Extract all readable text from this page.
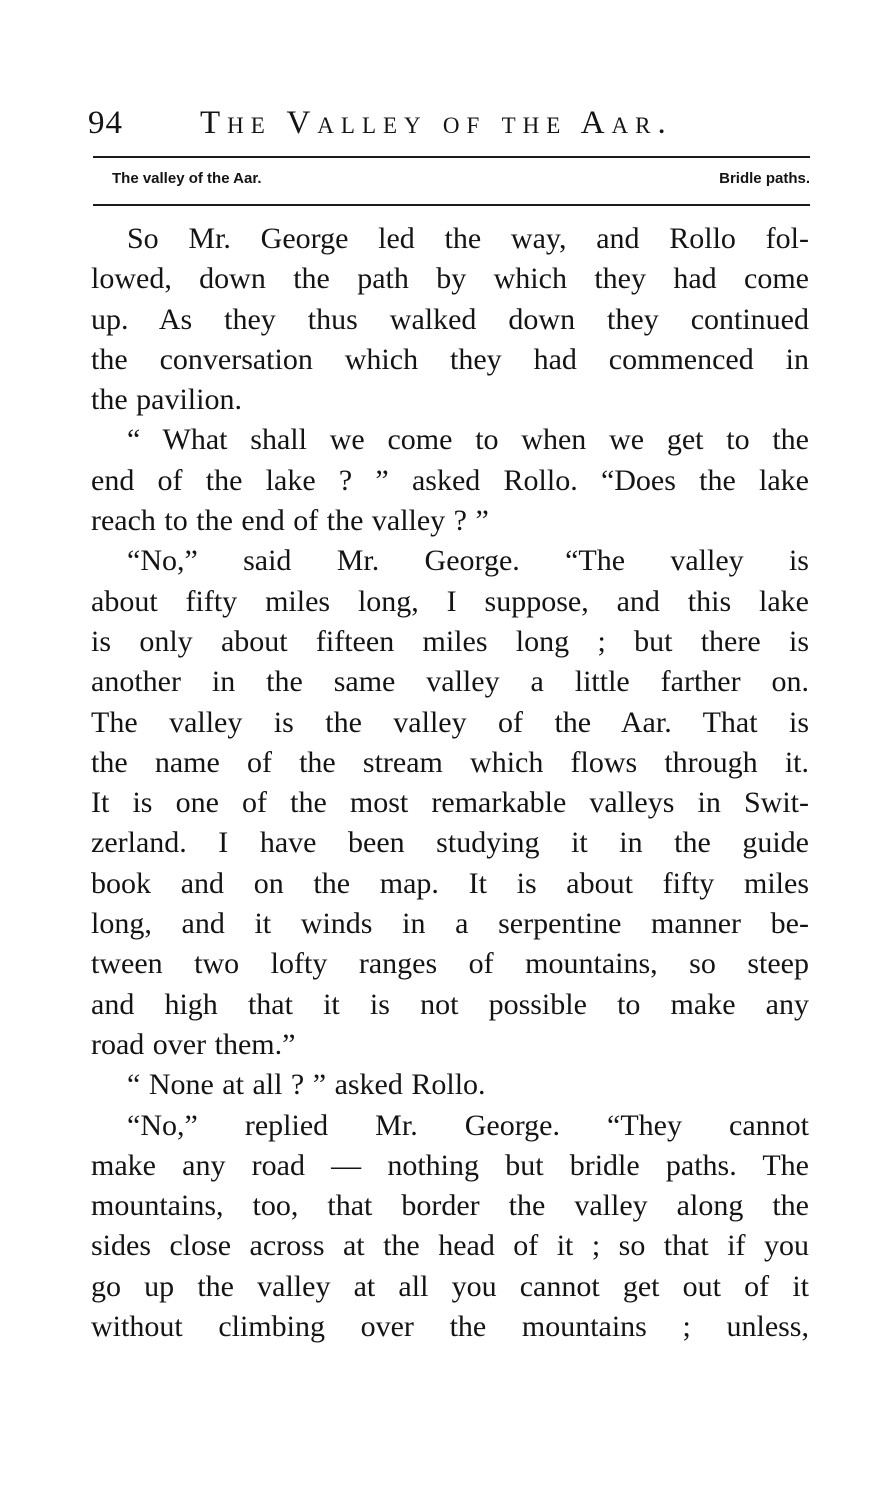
94 The Valley of the Aar.
The valley of the Aar.	Bridle paths.
So Mr. George led the way, and Rollo fol-
lowed, down the path by which they had come
up. As they thus walked down they continued
the conversation which they had commenced in
the pavilion.
“ What shall we come to when we get to the
end of the lake ? ” asked Rollo. “Does the lake
reach to the end of the valley ? ”
“No,” said Mr. George. “The valley is
about fifty miles long, I suppose, and this lake
is only about fifteen miles long ; but there is
another in the same valley a little farther on.
The valley is the valley of the Aar. That is
the name of the stream which flows through it.
It is one of the most remarkable valleys in Swit-
zerland. I have been studying it in the guide
book and on the map. It is about fifty miles
long, and it winds in a serpentine manner be-
tween two lofty ranges of mountains, so steep
and high that it is not possible to make any
road over them.”
“ None at all ? ” asked Rollo.
“No,” replied Mr. George. “They cannot
make any road — nothing but bridle paths. The
mountains, too, that border the valley along the
sides close across at the head of it ; so that if you
go up the valley at all you cannot get out of it
without climbing over the mountains ; unless,
